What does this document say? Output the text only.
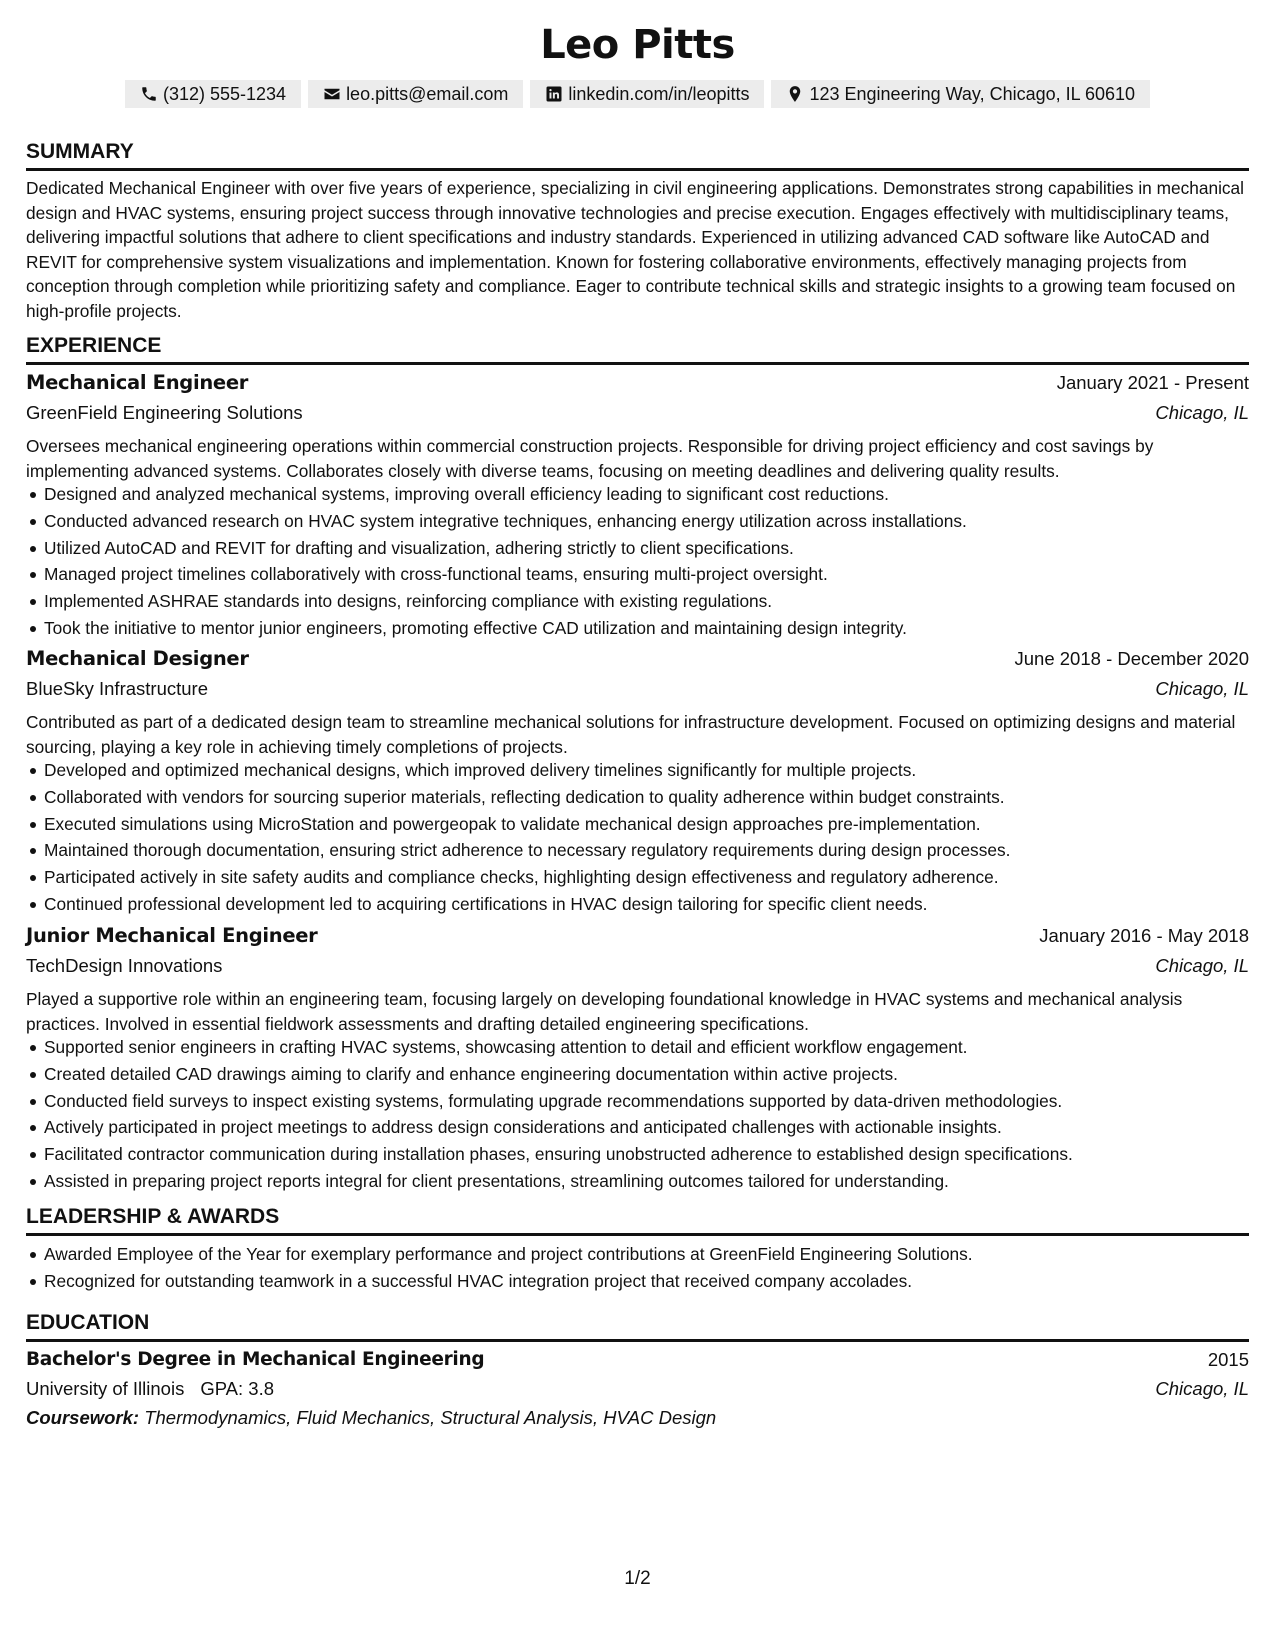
Leo Pitts
(312) 555-1234	leo.pitts@email.com	linkedin.com/in/leopitts	123 Engineering Way, Chicago, IL 60610
SUMMARY

Dedicated Mechanical Engineer with over five years of experience, specializing in civil engineering applications. Demonstrates strong capabilities in mechanical design and HVAC systems, ensuring project success through innovative technologies and precise execution. Engages effectively with multidisciplinary teams, delivering impactful solutions that adhere to client specifications and industry standards. Experienced in utilizing advanced CAD software like AutoCAD and REVIT for comprehensive system visualizations and implementation. Known for fostering collaborative environments, effectively managing projects from conception through completion while prioritizing safety and compliance. Eager to contribute technical skills and strategic insights to a growing team focused on high-profile projects.

EXPERIENCE
Mechanical Engineer	January 2021 - Present
GreenField Engineering Solutions	Chicago, IL

Oversees mechanical engineering operations within commercial construction projects. Responsible for driving project efficiency and cost savings by implementing advanced systems. Collaborates closely with diverse teams, focusing on meeting deadlines and delivering quality results.

Designed and analyzed mechanical systems, improving overall efficiency leading to significant cost reductions.
Conducted advanced research on HVAC system integrative techniques, enhancing energy utilization across installations.
Utilized AutoCAD and REVIT for drafting and visualization, adhering strictly to client specifications.
Managed project timelines collaboratively with cross-functional teams, ensuring multi-project oversight.
Implemented ASHRAE standards into designs, reinforcing compliance with existing regulations.
Took the initiative to mentor junior engineers, promoting effective CAD utilization and maintaining design integrity.
Mechanical Designer	June 2018 - December 2020
BlueSky Infrastructure	Chicago, IL

Contributed as part of a dedicated design team to streamline mechanical solutions for infrastructure development. Focused on optimizing designs and material sourcing, playing a key role in achieving timely completions of projects.

Developed and optimized mechanical designs, which improved delivery timelines significantly for multiple projects.
Collaborated with vendors for sourcing superior materials, reflecting dedication to quality adherence within budget constraints.
Executed simulations using MicroStation and powergeopak to validate mechanical design approaches pre-implementation.
Maintained thorough documentation, ensuring strict adherence to necessary regulatory requirements during design processes.
Participated actively in site safety audits and compliance checks, highlighting design effectiveness and regulatory adherence.
Continued professional development led to acquiring certifications in HVAC design tailoring for specific client needs.
Junior Mechanical Engineer	January 2016 - May 2018
TechDesign Innovations	Chicago, IL

Played a supportive role within an engineering team, focusing largely on developing foundational knowledge in HVAC systems and mechanical analysis practices. Involved in essential fieldwork assessments and drafting detailed engineering specifications.

Supported senior engineers in crafting HVAC systems, showcasing attention to detail and efficient workflow engagement.
Created detailed CAD drawings aiming to clarify and enhance engineering documentation within active projects.
Conducted field surveys to inspect existing systems, formulating upgrade recommendations supported by data-driven methodologies.
Actively participated in project meetings to address design considerations and anticipated challenges with actionable insights.
Facilitated contractor communication during installation phases, ensuring unobstructed adherence to established design specifications.
Assisted in preparing project reports integral for client presentations, streamlining outcomes tailored for understanding.
LEADERSHIP & AWARDS
Awarded Employee of the Year for exemplary performance and project contributions at GreenField Engineering Solutions.
Recognized for outstanding teamwork in a successful HVAC integration project that received company accolades.
EDUCATION
Bachelor's Degree in Mechanical Engineering	2015
University of Illinois GPA: 3.8	Chicago, IL
Coursework: Thermodynamics, Fluid Mechanics, Structural Analysis, HVAC Design
1/2
